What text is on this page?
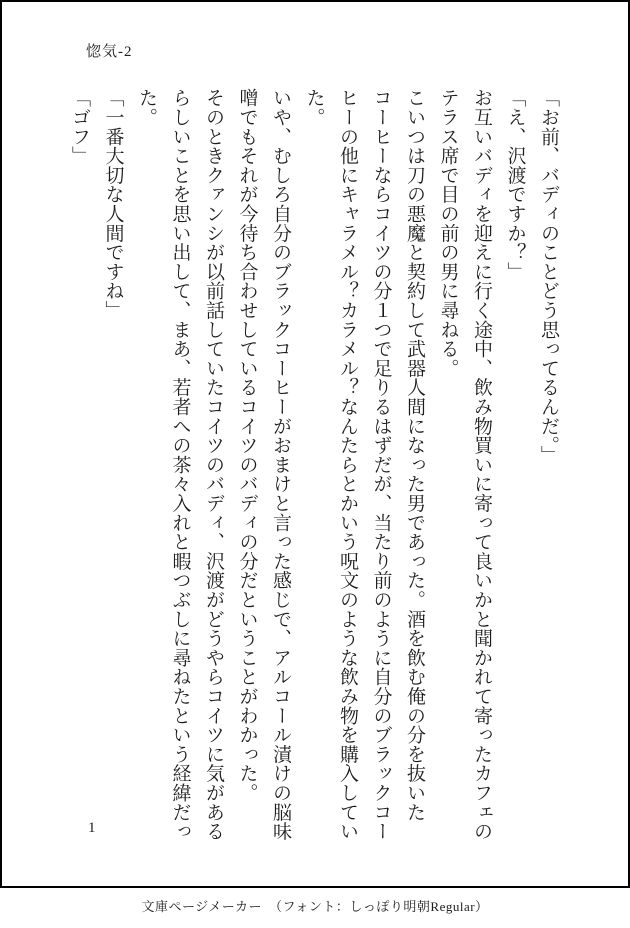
惚気-2
「お前、バディのことどう思ってるんだ。」
「え、沢渡ですか？」
お互いバディを迎えに行く途中、飲み物買いに寄って良いかと聞かれて寄ったカフェの
テラス席で目の前の男に尋ねる。
こいつは刀の悪魔と契約して武器人間になった男であった。酒を飲む俺の分を抜いた
コーヒーならコイツの分１つで足りるはずだが、当たり前のように自分のブラックコー
ヒーの他にキャラメル？カラメル？なんたらとかいう呪文のような飲み物を購入してい
た。
いや、むしろ自分のブラックコーヒーがおまけと言った感じで、アルコール漬けの脳味
噌でもそれが今待ち合わせしているコイツのバディの分だということがわかった。
そのときクァンシが以前話していたコイツのバディ、沢渡がどうやらコイツに気がある
らしいことを思い出して、まあ、若者への茶々入れと暇つぶしに尋ねたという経緯だっ
た。
「一番大切な人間ですね」
「ゴフ」
1
文庫ページメーカー　（フォント：しっぽり明朝Regular）
